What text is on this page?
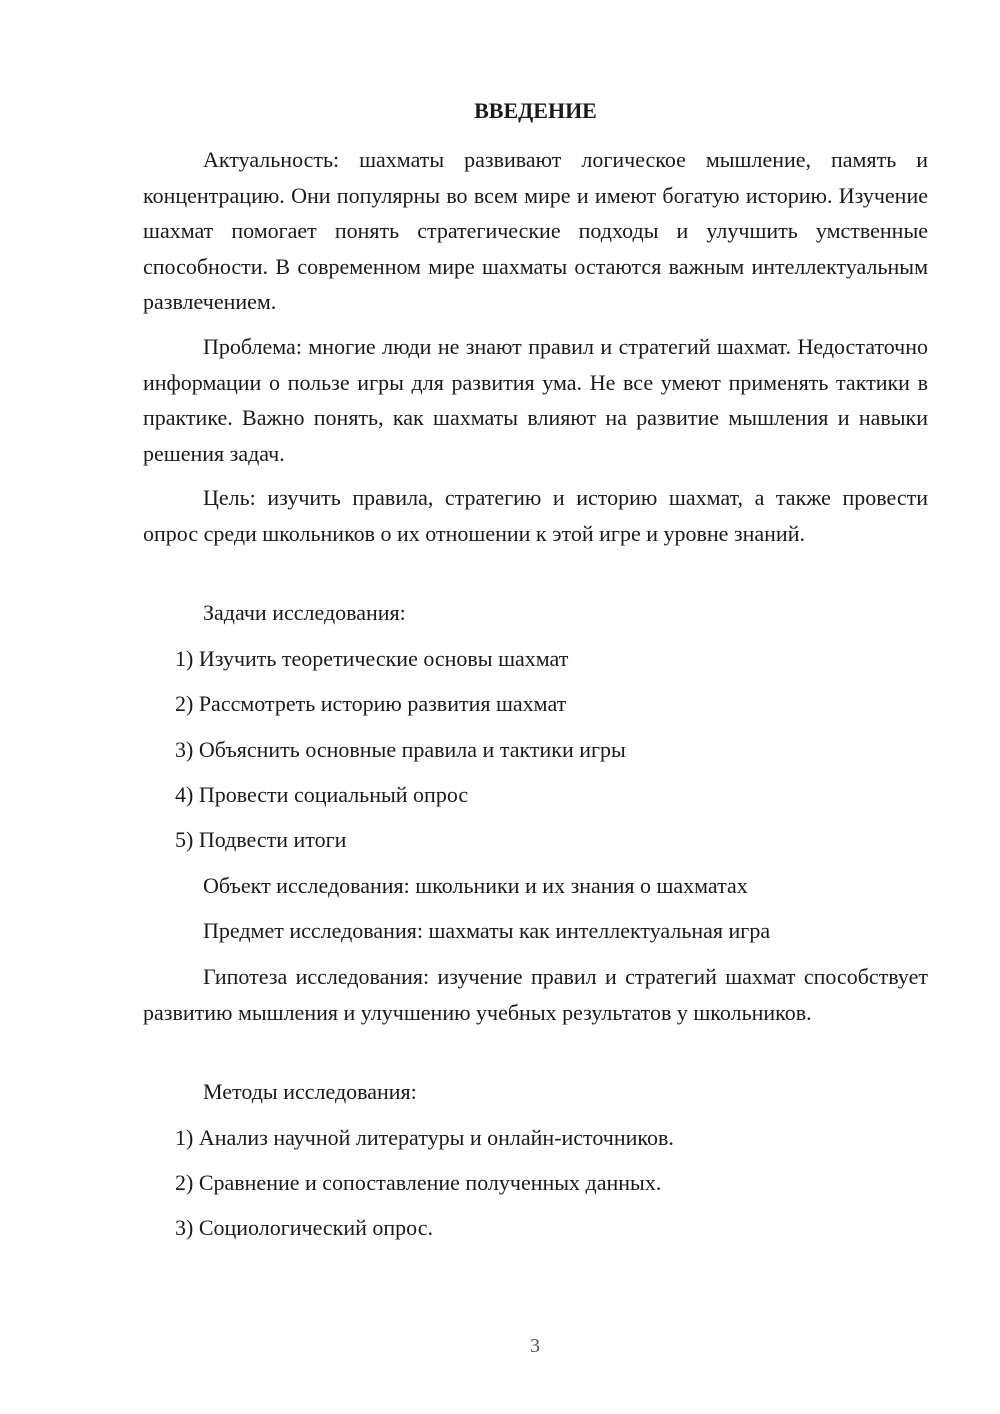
ВВЕДЕНИЕ

Актуальность: шахматы развивают логическое мышление, память и концентрацию. Они популярны во всем мире и имеют богатую историю. Изучение шахмат помогает понять стратегические подходы и улучшить умственные способности. В современном мире шахматы остаются важным интеллектуальным развлечением.

Проблема: многие люди не знают правил и стратегий шахмат. Недостаточно информации о пользе игры для развития ума. Не все умеют применять тактики в практике. Важно понять, как шахматы влияют на развитие мышления и навыки решения задач.

Цель: изучить правила, стратегию и историю шахмат, а также провести опрос среди школьников о их отношении к этой игре и уровне знаний.

Задачи исследования:

1) Изучить теоретические основы шахмат

2) Рассмотреть историю развития шахмат

3) Объяснить основные правила и тактики игры

4) Провести социальный опрос

5) Подвести итоги

Объект исследования: школьники и их знания о шахматах

Предмет исследования: шахматы как интеллектуальная игра

Гипотеза исследования: изучение правил и стратегий шахмат способствует развитию мышления и улучшению учебных результатов у школьников.

Методы исследования:

1) Анализ научной литературы и онлайн-источников.

2) Сравнение и сопоставление полученных данных.

3) Социологический опрос.

3
